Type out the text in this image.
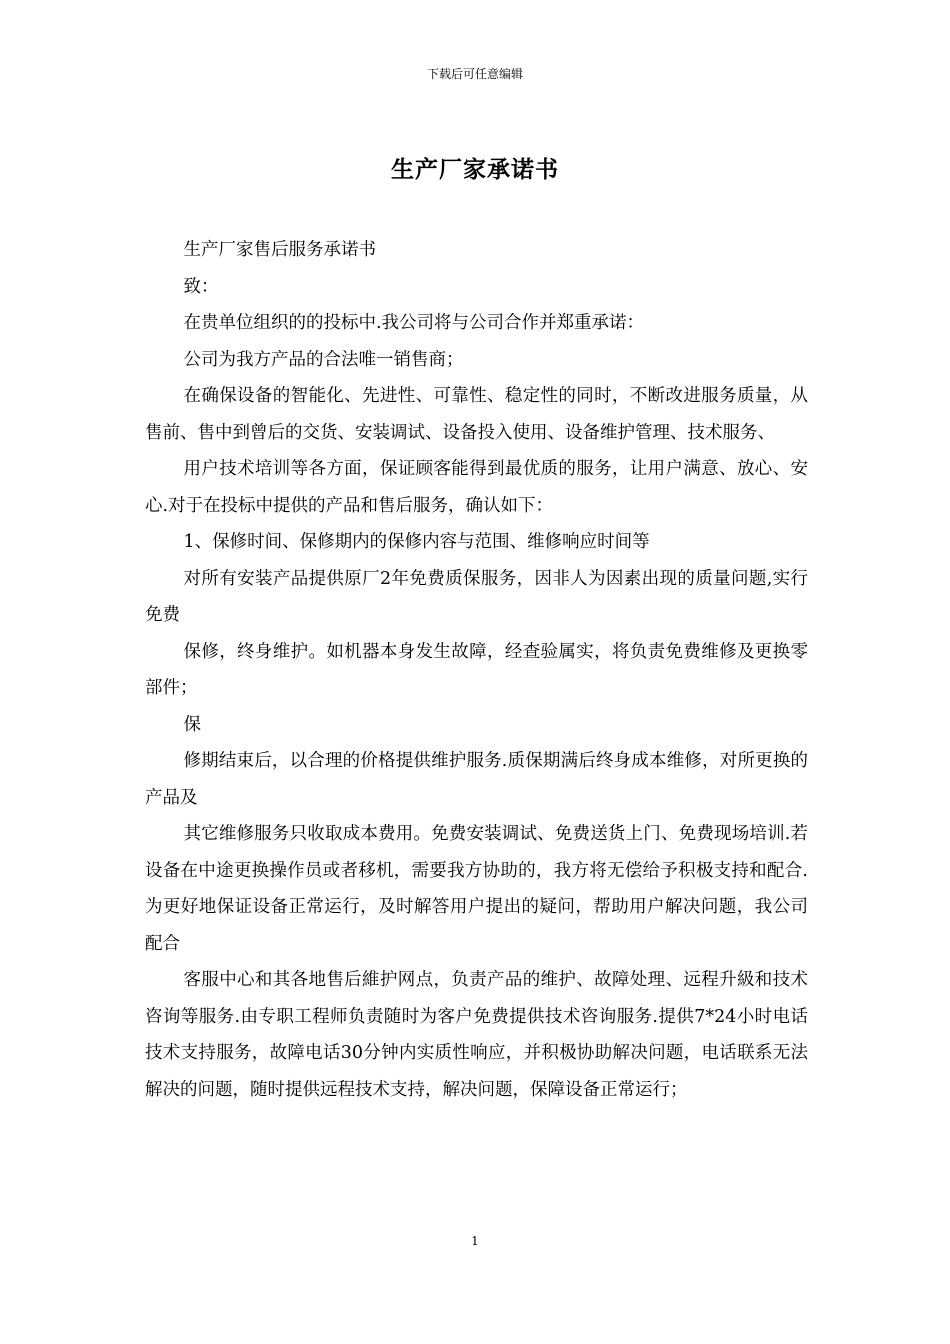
下载后可任意编辑
生产厂家承诺书

生产厂家售后服务承诺书

致：

在贵单位组织的的投标中.我公司将与公司合作并郑重承诺：

公司为我方产品的合法唯一销售商；

在确保设备的智能化、先进性、可靠性、稳定性的同时，不断改进服务质量，从售前、售中到曾后的交货、安装调试、设备投入使用、设备维护管理、技术服务、

用户技术培训等各方面，保证顾客能得到最优质的服务，让用户满意、放心、安心.对于在投标中提供的产品和售后服务，确认如下：

1、保修时间、保修期内的保修内容与范围、维修响应时间等

对所有安装产品提供原厂2年免费质保服务，因非人为因素出现的质量问题,实行免费

保修，终身维护。如机器本身发生故障，经查验属实，将负责免费维修及更换零部件；

保

修期结束后，以合理的价格提供维护服务.质保期满后终身成本维修，对所更换的产品及

其它维修服务只收取成本费用。免费安装调试、免费送货上门、免费现场培训.若设备在中途更换操作员或者移机，需要我方协助的，我方将无偿给予积极支持和配合.为更好地保证设备正常运行，及时解答用户提出的疑问，帮助用户解决问题，我公司配合

客服中心和其各地售后維护网点，负责产品的维护、故障处理、远程升級和技术咨询等服务.由专职工程师负责随时为客户免费提供技术咨询服务.提供7*24小时电话技术支持服务，故障电话30分钟内实质性响应，并积极协助解决问题，电话联系无法解决的问题，随时提供远程技术支持，解决问题，保障设备正常运行；

1
